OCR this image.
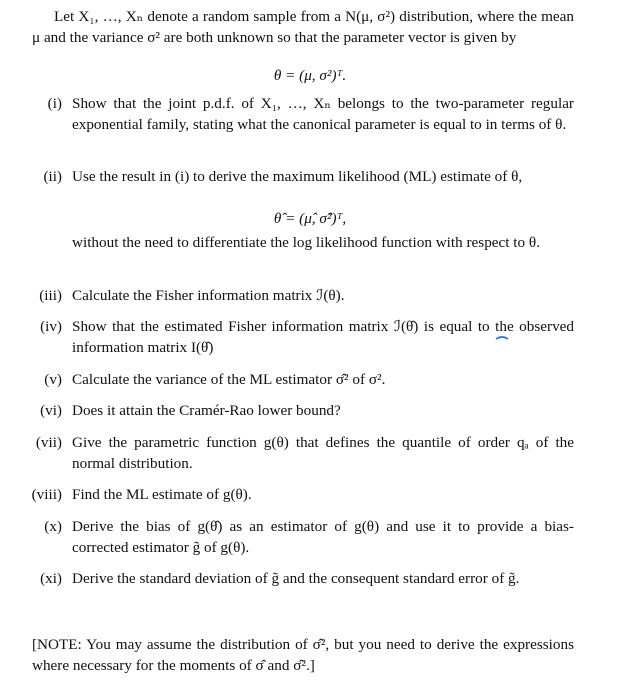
Let X₁, …, Xₙ denote a random sample from a N(μ, σ²) distribution, where the mean μ and the variance σ² are both unknown so that the parameter vector is given by
θ = (μ, σ²)ᵀ.
(i) Show that the joint p.d.f. of X₁, …, Xₙ belongs to the two-parameter regular exponential family, stating what the canonical parameter is equal to in terms of θ.
(ii) Use the result in (i) to derive the maximum likelihood (ML) estimate of θ,
θ̂ = (μ̂, σ̂²)ᵀ,
without the need to differentiate the log likelihood function with respect to θ.
(iii) Calculate the Fisher information matrix ℐ(θ).
(iv) Show that the estimated Fisher information matrix ℐ(θ̂) is equal to the observed information matrix I(θ̂)
(v) Calculate the variance of the ML estimator σ̂² of σ².
(vi) Does it attain the Cramér-Rao lower bound?
(vii) Give the parametric function g(θ) that defines the quantile of order qₐ of the normal distribution.
(viii) Find the ML estimate of g(θ).
(x) Derive the bias of g(θ̂) as an estimator of g(θ) and use it to provide a bias-corrected estimator g̃ of g(θ).
(xi) Derive the standard deviation of g̃ and the consequent standard error of g̃.
[NOTE: You may assume the distribution of σ̂², but you need to derive the expressions where necessary for the moments of σ̂ and σ̂².]
